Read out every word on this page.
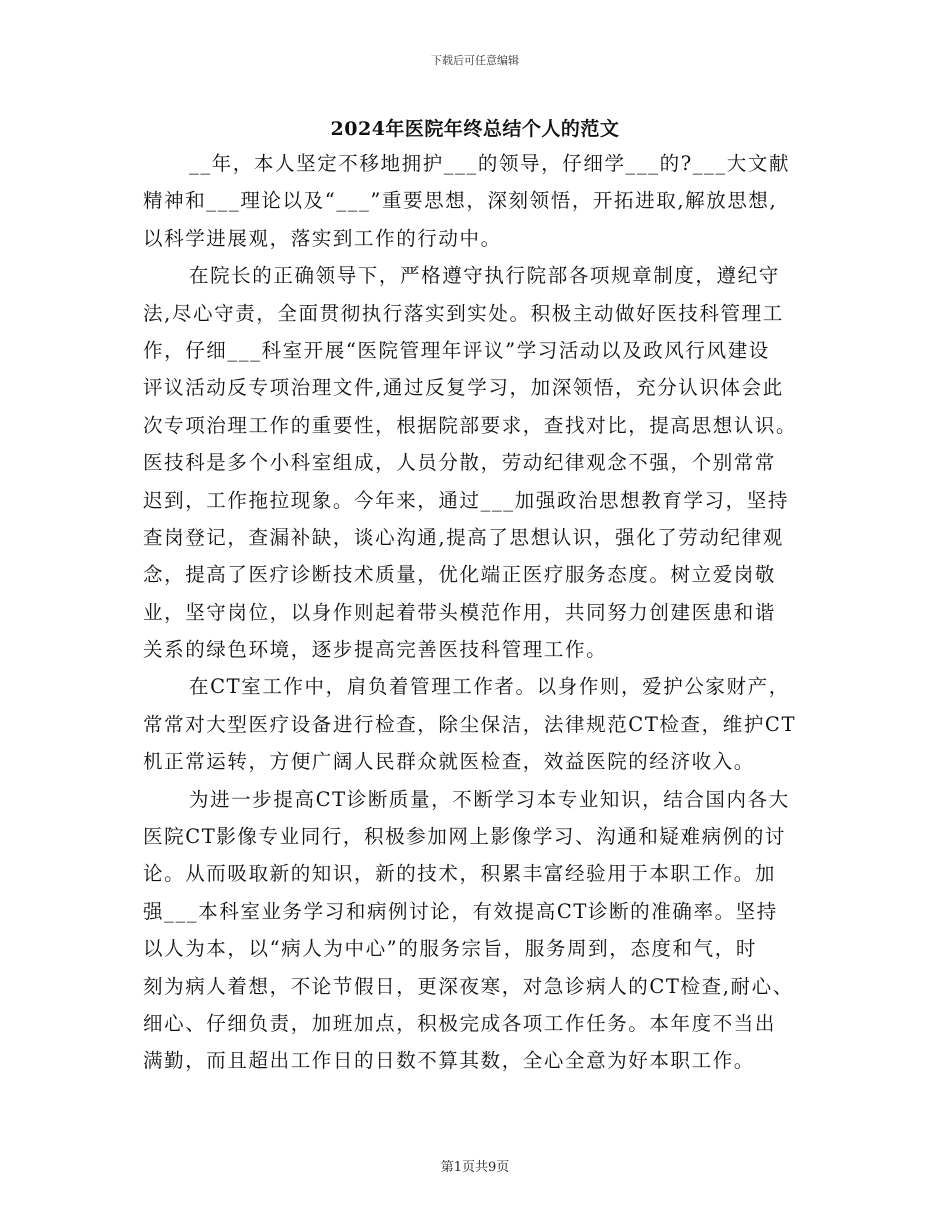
下载后可任意编辑
2024年医院年终总结个人的范文
__年，本人坚定不移地拥护___的领导，仔细学___的?___大文献
精神和___理论以及“___”重要思想，深刻领悟，开拓进取,解放思想,
以科学进展观，落实到工作的行动中。
在院长的正确领导下，严格遵守执行院部各项规章制度，遵纪守
法,尽心守责，全面贯彻执行落实到实处。积极主动做好医技科管理工
作，仔细___科室开展“医院管理年评议”学习活动以及政风行风建设
评议活动反专项治理文件,通过反复学习，加深领悟，充分认识体会此
次专项治理工作的重要性，根据院部要求，查找对比，提高思想认识。
医技科是多个小科室组成，人员分散，劳动纪律观念不强，个别常常
迟到，工作拖拉现象。今年来，通过___加强政治思想教育学习，坚持
查岗登记，查漏补缺，谈心沟通,提高了思想认识，强化了劳动纪律观
念，提高了医疗诊断技术质量，优化端正医疗服务态度。树立爱岗敬
业，坚守岗位，以身作则起着带头模范作用，共同努力创建医患和谐
关系的绿色环境，逐步提高完善医技科管理工作。
在CT室工作中，肩负着管理工作者。以身作则，爱护公家财产，
常常对大型医疗设备进行检查，除尘保洁，法律规范CT检查，维护CT
机正常运转，方便广阔人民群众就医检查，效益医院的经济收入。
为进一步提高CT诊断质量，不断学习本专业知识，结合国内各大
医院CT影像专业同行，积极参加网上影像学习、沟通和疑难病例的讨
论。从而吸取新的知识，新的技术，积累丰富经验用于本职工作。加
强___本科室业务学习和病例讨论，有效提高CT诊断的准确率。坚持
以人为本，以“病人为中心”的服务宗旨，服务周到，态度和气，时
刻为病人着想，不论节假日，更深夜寒，对急诊病人的CT检查,耐心、
细心、仔细负责，加班加点，积极完成各项工作任务。本年度不当出
满勤，而且超出工作日的日数不算其数，全心全意为好本职工作。
第1页共9页
